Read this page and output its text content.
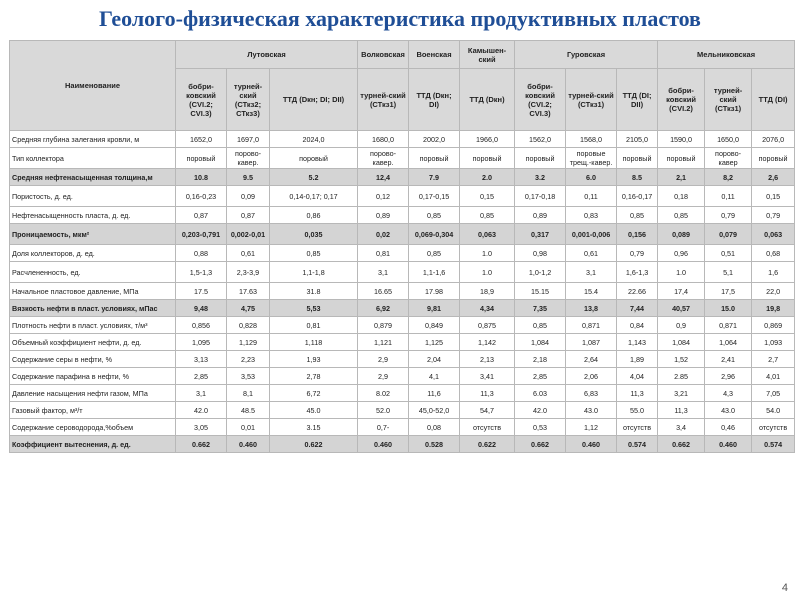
Геолого-физическая характеристика продуктивных пластов
Наименование	Лутовская			Волковская	Военская	Камышен-ский	Гуровская			Мельниковская		
	бобри-ковский (CVI.2; CVI.3)	турней-ский (СТкз2; СТкз3)	ТТД (Dкн; DI; DII)	турней-ский (СТкз1)	ТТД (Dкн; DI)	ТТД (Dкн)	бобри-ковский (CVI.2; CVI.3)	турней-ский (СТкз1)	ТТД (DI; DII)	бобри-ковский (CVI.2)	турней-ский (СТкз1)	ТТД (DI)
Средняя глубина залегания кровли, м	1652,0	1697,0	2024,0	1680,0	2002,0	1966,0	1562,0	1568,0	2105,0	1590,0	1650,0	2076,0
Тип коллектора	поровый	порово-кавер.	поровый	порово-кавер.	поровый	поровый	поровый	поровые трещ.-кавер.	поровый	поровый	порово-кавер	поровый
Средняя нефтенасыщенная толщина,м	10.8	9.5	5.2	12,4	7.9	2.0	3.2	6.0	8.5	2,1	8,2	2,6
Пористость, д. ед.	0,16-0,23	0,09	0,14-0,17; 0,17	0,12	0,17-0,15	0,15	0,17-0,18	0,11	0,16-0,17	0,18	0,11	0,15
Нефтенасыщенность пласта, д. ед.	0,87	0,87	0,86	0,89	0,85	0,85	0,89	0,83	0,85	0,85	0,79	0,79
Проницаемость, мкм²	0,203-0,791	0,002-0,01	0,035	0,02	0,069-0,304	0,063	0,317	0,001-0,006	0,156	0,089	0,079	0,063
Доля коллекторов, д. ед.	0,88	0,61	0,85	0,81	0,85	1.0	0,98	0,61	0,79	0,96	0,51	0,68
Расчлененность, ед.	1,5-1,3	2,3-3,9	1,1-1,8	3,1	1,1-1,6	1.0	1,0-1,2	3,1	1,6-1,3	1.0	5,1	1,6
Начальное пластовое давление, МПа	17.5	17.63	31.8	16.65	17.98	18,9	15.15	15.4	22.66	17,4	17,5	22,0
Вязкость нефти в пласт. условиях, мПас	9,48	4,75	5,53	6,92	9,81	4,34	7,35	13,8	7,44	40,57	15.0	19,8
Плотность нефти в пласт. условиях, т/м³	0,856	0,828	0,81	0,879	0,849	0,875	0,85	0,871	0,84	0,9	0,871	0,869
Объемный коэффициент нефти, д. ед.	1,095	1,129	1,118	1,121	1,125	1,142	1,084	1,087	1,143	1,084	1,064	1,093
Содержание серы в нефти, %	3,13	2,23	1,93	2,9	2,04	2,13	2,18	2,64	1,89	1,52	2,41	2,7
Содержание парафина в нефти, %	2,85	3,53	2,78	2,9	4,1	3,41	2,85	2,06	4,04	2.85	2,96	4,01
Давление насыщения нефти газом, МПа	3,1	8,1	6,72	8.02	11,6	11,3	6.03	6,83	11,3	3,21	4,3	7,05
Газовый фактор, м³/т	42.0	48.5	45.0	52.0	45,0-52,0	54,7	42.0	43.0	55.0	11,3	43.0	54.0
Содержание сероводорода,%объем	3,05	0,01	3.15	0,7-	0,08	отсутств	0,53	1,12	отсутств	3,4	0,46	отсутств
Коэффициент вытеснения, д. ед.	0.662	0.460	0.622	0.460	0.528	0.622	0.662	0.460	0.574	0.662	0.460	0.574
4
